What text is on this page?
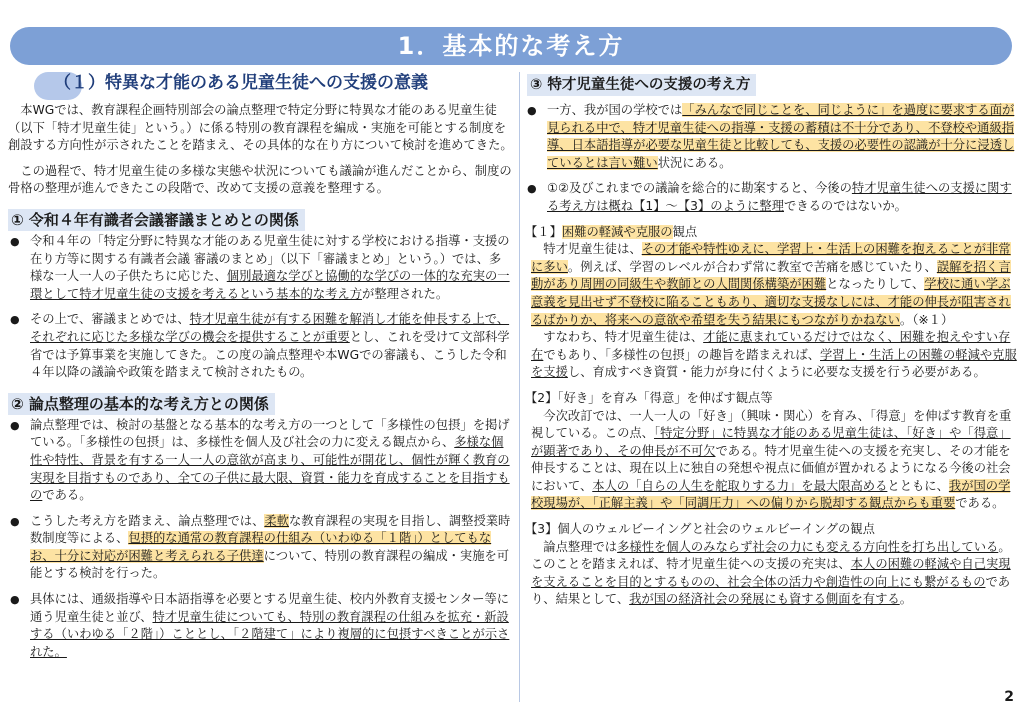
1．基本的な考え方
（１）特異な才能のある児童生徒への支援の意義

本WGでは、教育課程企画特別部会の論点整理で特定分野に特異な才能のある児童生徒（以下「特才児童生徒」という。）に係る特別の教育課程を編成・実施を可能とする制度を創設する方向性が示されたことを踏まえ、その具体的な在り方について検討を進めてきた。

この過程で、特才児童生徒の多様な実態や状況についても議論が進んだことから、制度の骨格の整理が進んできたこの段階で、改めて支援の意義を整理する。

① 令和４年有識者会議審議まとめとの関係
● 令和４年の「特定分野に特異な才能のある児童生徒に対する学校における指導・支援の在り方等に関する有識者会議 審議のまとめ」（以下「審議まとめ」という。）では、多様な一人一人の子供たちに応じた、個別最適な学びと協働的な学びの一体的な充実の一環として特才児童生徒の支援を考えるという基本的な考え方が整理された。
● その上で、審議まとめでは、特才児童生徒が有する困難を解消し才能を伸長する上で、それぞれに応じた多様な学びの機会を提供することが重要とし、これを受けて文部科学省では予算事業を実施してきた。この度の論点整理や本WGでの審議も、こうした令和４年以降の議論や政策を踏まえて検討されたもの。
② 論点整理の基本的な考え方との関係
● 論点整理では、検討の基盤となる基本的な考え方の一つとして「多様性の包摂」を掲げている。「多様性の包摂」は、多様性を個人及び社会の力に変える観点から、多様な個性や特性、背景を有する一人一人の意欲が高まり、可能性が開花し、個性が輝く教育の実現を目指すものであり、全ての子供に最大限、資質・能力を育成することを目指すものである。
● こうした考え方を踏まえ、論点整理では、柔軟な教育課程の実現を目指し、調整授業時数制度等による、包摂的な通常の教育課程の仕組み（いわゆる「１階」）としてもなお、十分に対応が困難と考えられる子供達について、特別の教育課程の編成・実施を可能とする検討を行った。
● 具体には、通級指導や日本語指導を必要とする児童生徒、校内外教育支援センター等に通う児童生徒と並び、特才児童生徒についても、特別の教育課程の仕組みを拡充・新設する（いわゆる「２階」）こととし、「２階建て」により複層的に包摂すべきことが示された。
③ 特才児童生徒への支援の考え方
● 一方、我が国の学校では「みんなで同じことを、同じように」を過度に要求する面が見られる中で、特才児童生徒への指導・支援の蓄積は不十分であり、不登校や通級指導、日本語指導が必要な児童生徒と比較しても、支援の必要性の認識が十分に浸透しているとは言い難い状況にある。
● ①②及びこれまでの議論を総合的に勘案すると、今後の特才児童生徒への支援に関する考え方は概ね【1】～【3】のように整理できるのではないか。
【１】困難の軽減や克服の観点
特才児童生徒は、その才能や特性ゆえに、学習上・生活上の困難を抱えることが非常に多い。例えば、学習のレベルが合わず常に教室で苦痛を感じていたり、誤解を招く言動があり周囲の同級生や教師との人間関係構築が困難となったりして、学校に通い学ぶ意義を見出せず不登校に陥ることもあり、適切な支援なしには、才能の伸長が阻害されるばかりか、将来への意欲や希望を失う結果にもつながりかねない。（※１）
すなわち、特才児童生徒は、才能に恵まれているだけではなく、困難を抱えやすい存在でもあり、「多様性の包摂」の趣旨を踏まえれば、学習上・生活上の困難の軽減や克服を支援し、育成すべき資質・能力が身に付くように必要な支援を行う必要がある。
【2】「好き」を育み「得意」を伸ばす観点等
今次改訂では、一人一人の「好き」（興味・関心）を育み、「得意」を伸ばす教育を重視している。この点、「特定分野」に特異な才能のある児童生徒は、「好き」や「得意」が顕著であり、その伸長が不可欠である。特才児童生徒への支援を充実し、その才能を伸長することは、現在以上に独自の発想や視点に価値が置かれるようになる今後の社会において、本人の「自らの人生を舵取りする力」を最大限高めるとともに、我が国の学校現場が、「正解主義」や「同調圧力」への偏りから脱却する観点からも重要である。
【3】個人のウェルビーイングと社会のウェルビーイングの観点
論点整理では多様性を個人のみならず社会の力にも変える方向性を打ち出している。このことを踏まえれば、特才児童生徒への支援の充実は、本人の困難の軽減や自己実現を支えることを目的とするものの、社会全体の活力や創造性の向上にも繋がるものであり、結果として、我が国の経済社会の発展にも資する側面を有する。
2
